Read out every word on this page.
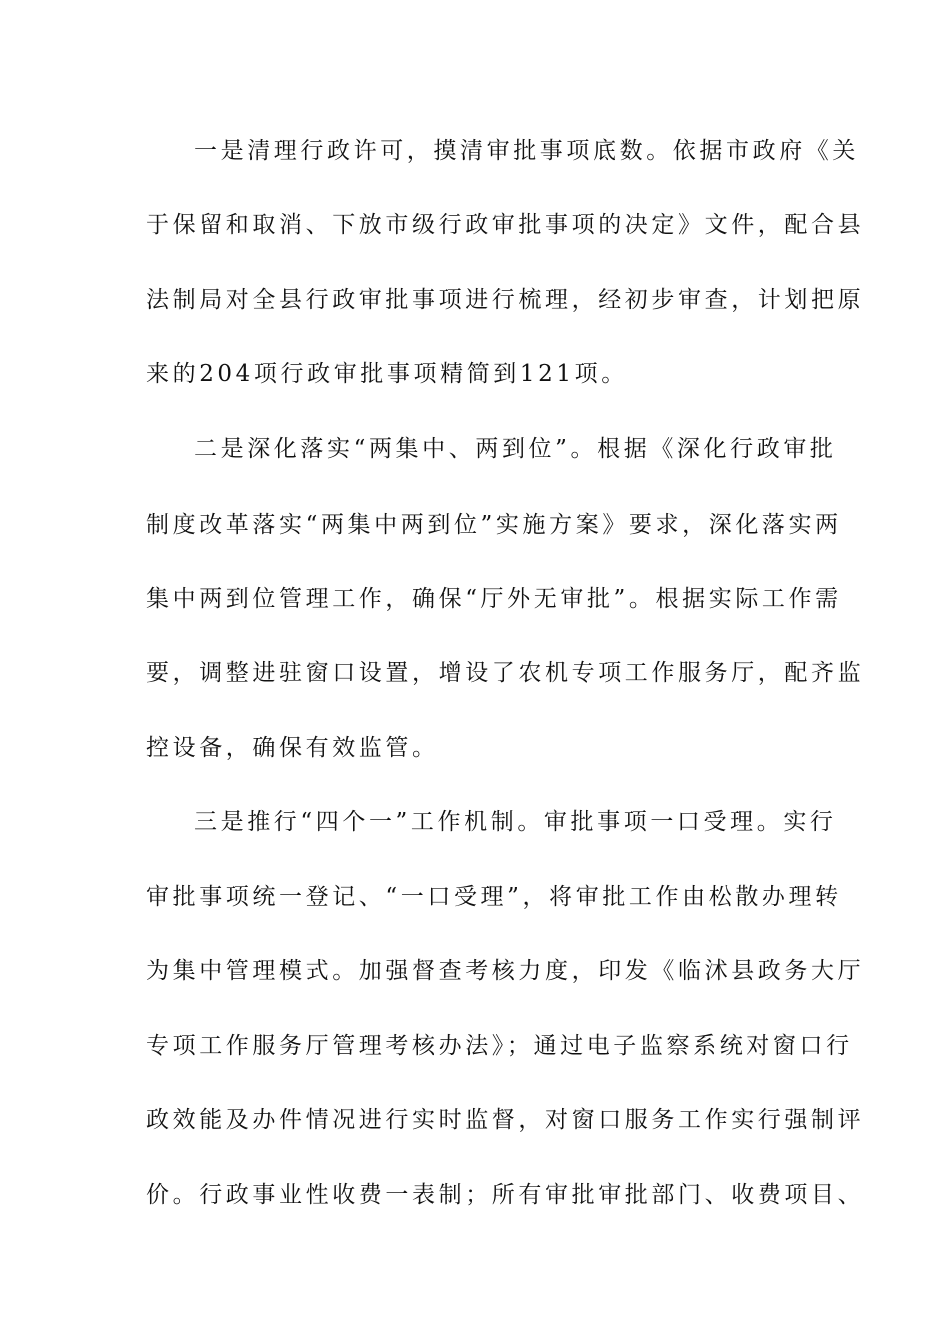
一是清理行政许可，摸清审批事项底数。依据市政府《关
于保留和取消、下放市级行政审批事项的决定》文件，配合县
法制局对全县行政审批事项进行梳理，经初步审查，计划把原
来的204项行政审批事项精简到121项。
二是深化落实“两集中、两到位”。根据《深化行政审批
制度改革落实“两集中两到位”实施方案》要求，深化落实两
集中两到位管理工作，确保“厅外无审批”。根据实际工作需
要，调整进驻窗口设置，增设了农机专项工作服务厅，配齐监
控设备，确保有效监管。
三是推行“四个一”工作机制。审批事项一口受理。实行
审批事项统一登记、“一口受理”，将审批工作由松散办理转
为集中管理模式。加强督查考核力度，印发《临沭县政务大厅
专项工作服务厅管理考核办法》；通过电子监察系统对窗口行
政效能及办件情况进行实时监督，对窗口服务工作实行强制评
价。行政事业性收费一表制；所有审批审批部门、收费项目、
